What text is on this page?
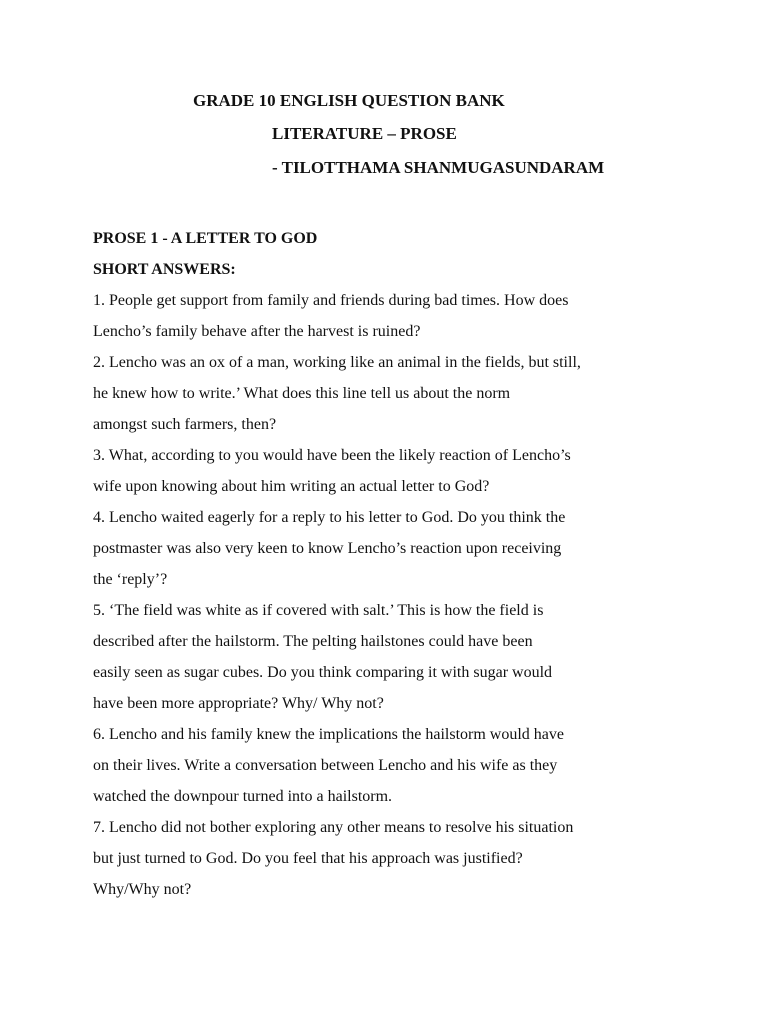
GRADE 10 ENGLISH QUESTION BANK
LITERATURE – PROSE
- TILOTTHAMA SHANMUGASUNDARAM

PROSE 1 - A LETTER TO GOD

SHORT ANSWERS:

1. People get support from family and friends during bad times. How does
Lencho’s family behave after the harvest is ruined?

2. Lencho was an ox of a man, working like an animal in the fields, but still,
he knew how to write.’ What does this line tell us about the norm
amongst such farmers, then?

3. What, according to you would have been the likely reaction of Lencho’s
wife upon knowing about him writing an actual letter to God?

4. Lencho waited eagerly for a reply to his letter to God. Do you think the
postmaster was also very keen to know Lencho’s reaction upon receiving
the ‘reply’?

5. ‘The field was white as if covered with salt.’ This is how the field is
described after the hailstorm. The pelting hailstones could have been
easily seen as sugar cubes. Do you think comparing it with sugar would
have been more appropriate? Why/ Why not?

6. Lencho and his family knew the implications the hailstorm would have
on their lives. Write a conversation between Lencho and his wife as they
watched the downpour turned into a hailstorm.

7. Lencho did not bother exploring any other means to resolve his situation
but just turned to God. Do you feel that his approach was justified?
Why/Why not?
